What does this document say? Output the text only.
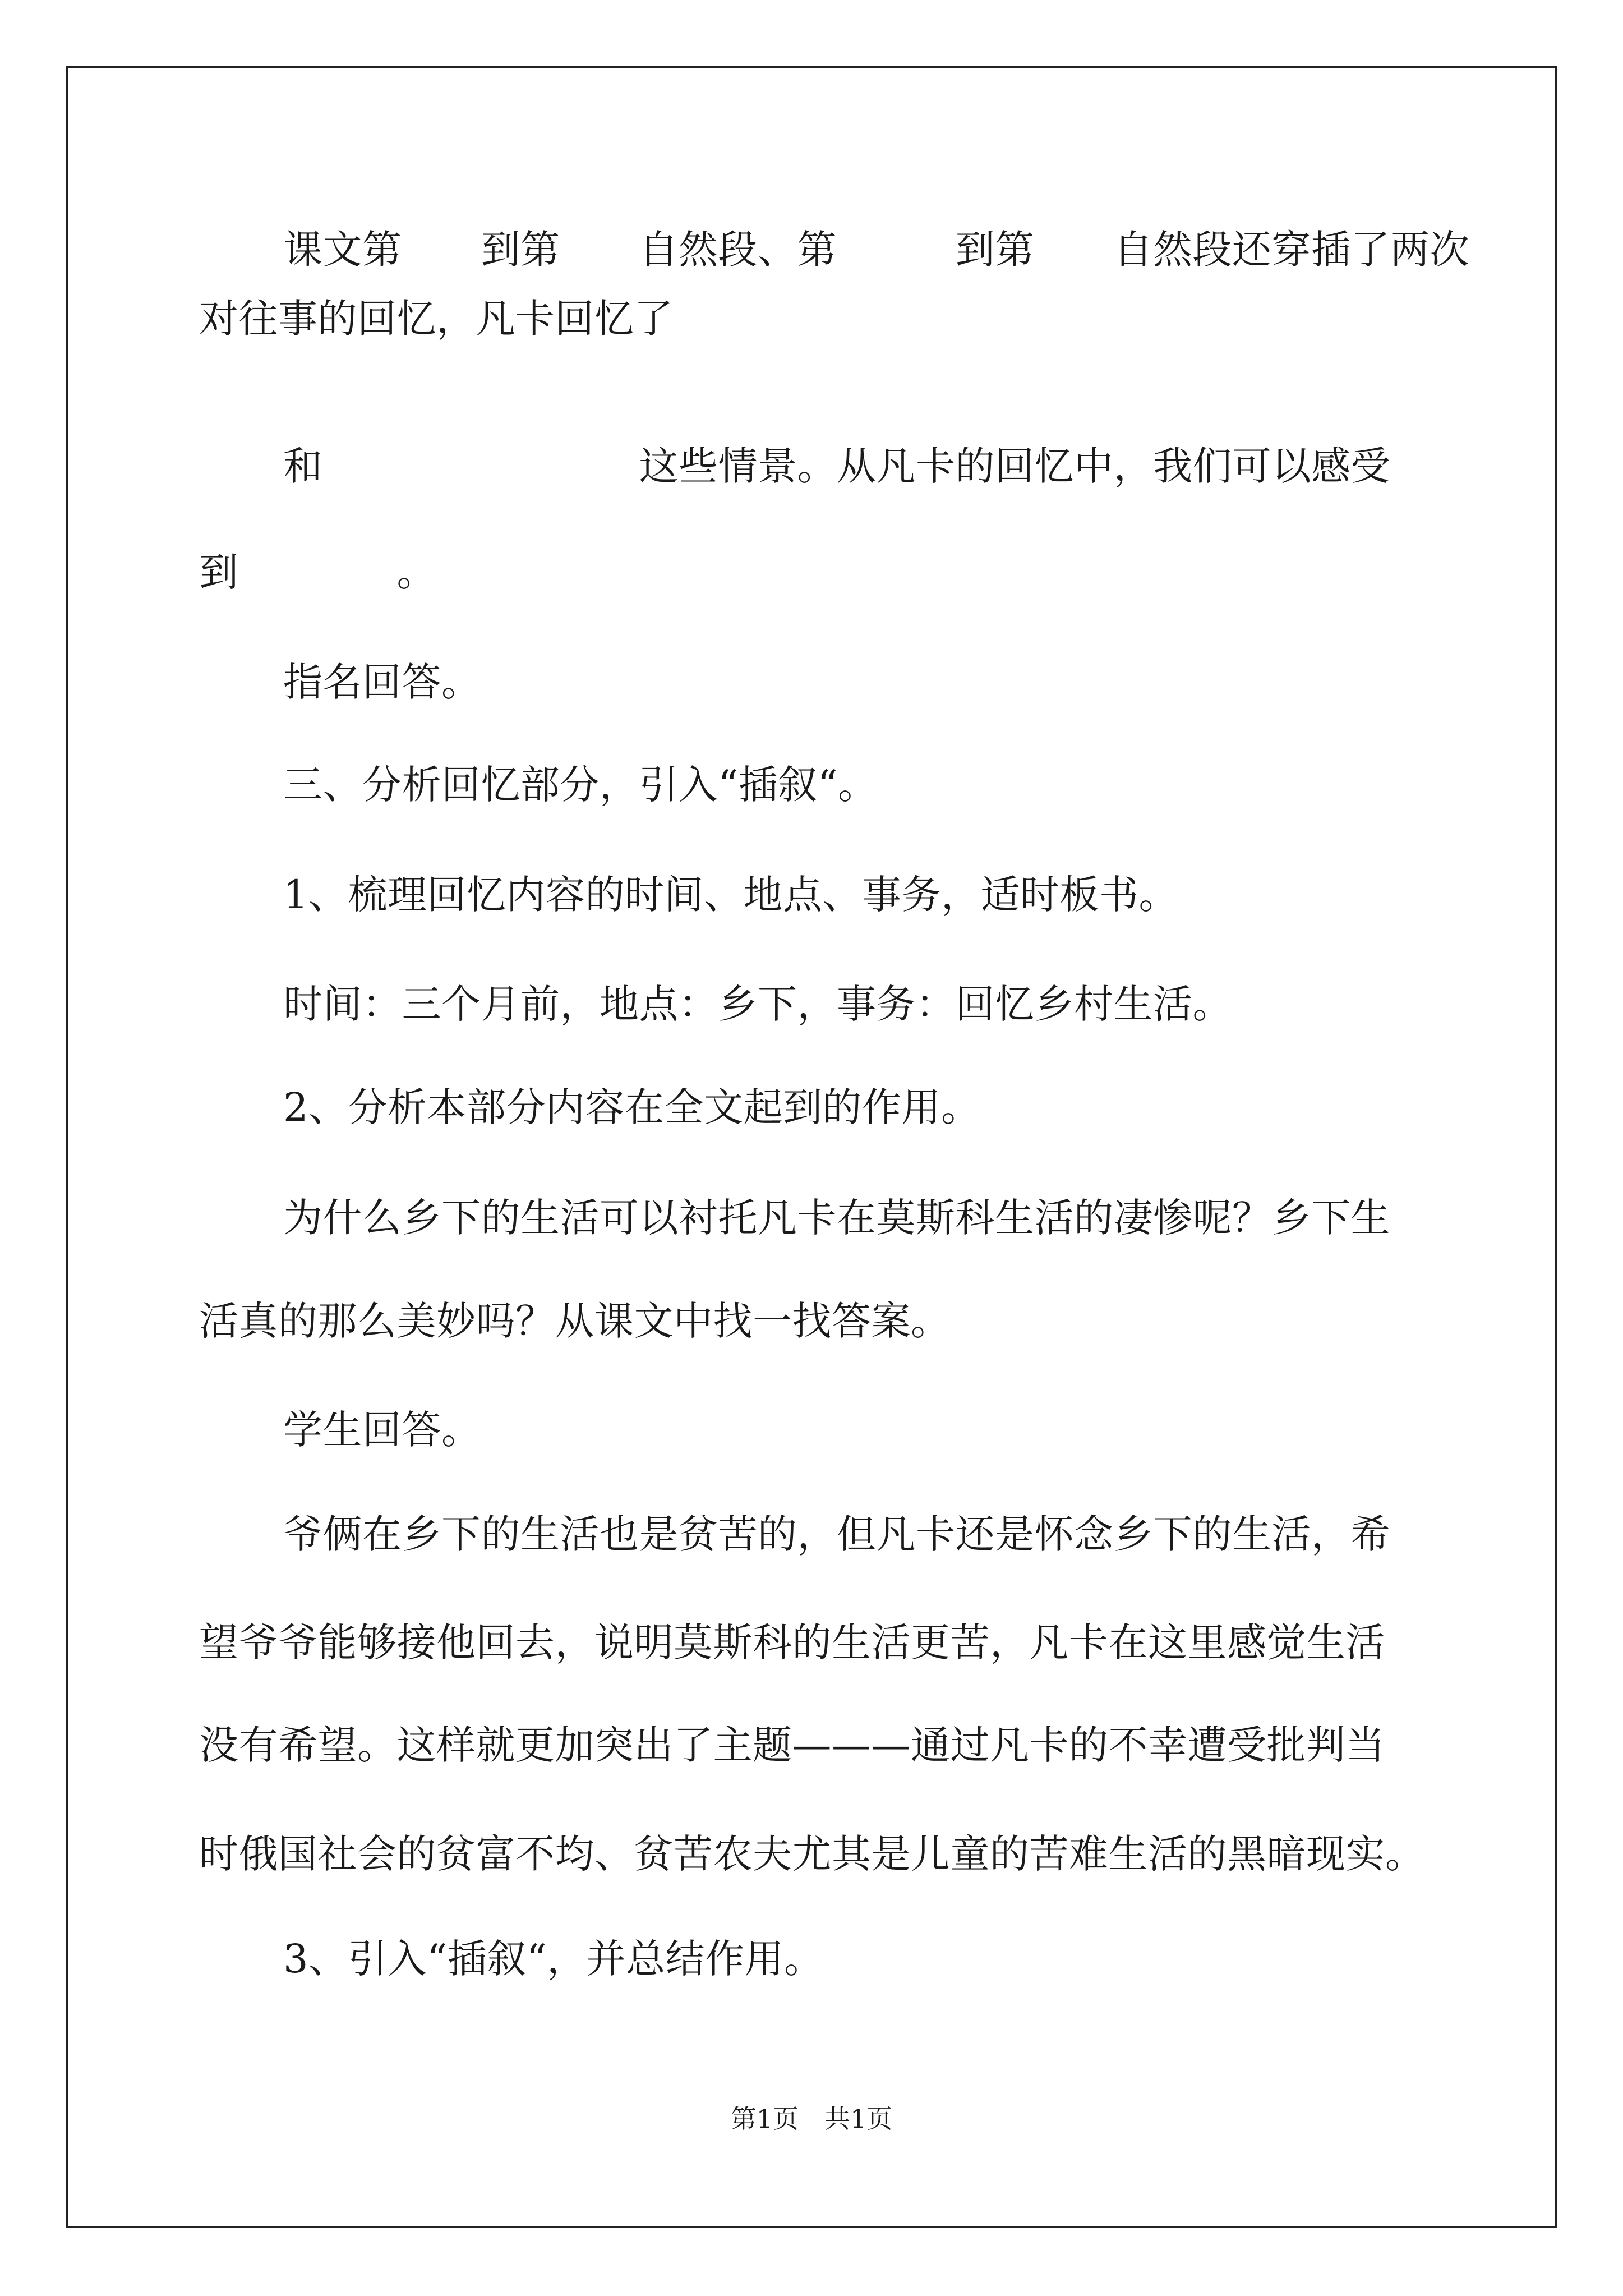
课文第　　到第　　自然段、第　　　到第　　自然段还穿插了两次
对往事的回忆，凡卡回忆了
和　　　　　　　　这些情景。从凡卡的回忆中，我们可以感受
到　　　　。
指名回答。
三、分析回忆部分，引入“插叙“。
1、梳理回忆内容的时间、地点、事务，适时板书。
时间：三个月前，地点：乡下，事务：回忆乡村生活。
2、分析本部分内容在全文起到的作用。
为什么乡下的生活可以衬托凡卡在莫斯科生活的凄惨呢？乡下生
活真的那么美妙吗？从课文中找一找答案。
学生回答。
爷俩在乡下的生活也是贫苦的，但凡卡还是怀念乡下的生活，希
望爷爷能够接他回去，说明莫斯科的生活更苦，凡卡在这里感觉生活
没有希望。这样就更加突出了主题———通过凡卡的不幸遭受批判当
时俄国社会的贫富不均、贫苦农夫尤其是儿童的苦难生活的黑暗现实。
3、引入“插叙“，并总结作用。
第1页　共1页
